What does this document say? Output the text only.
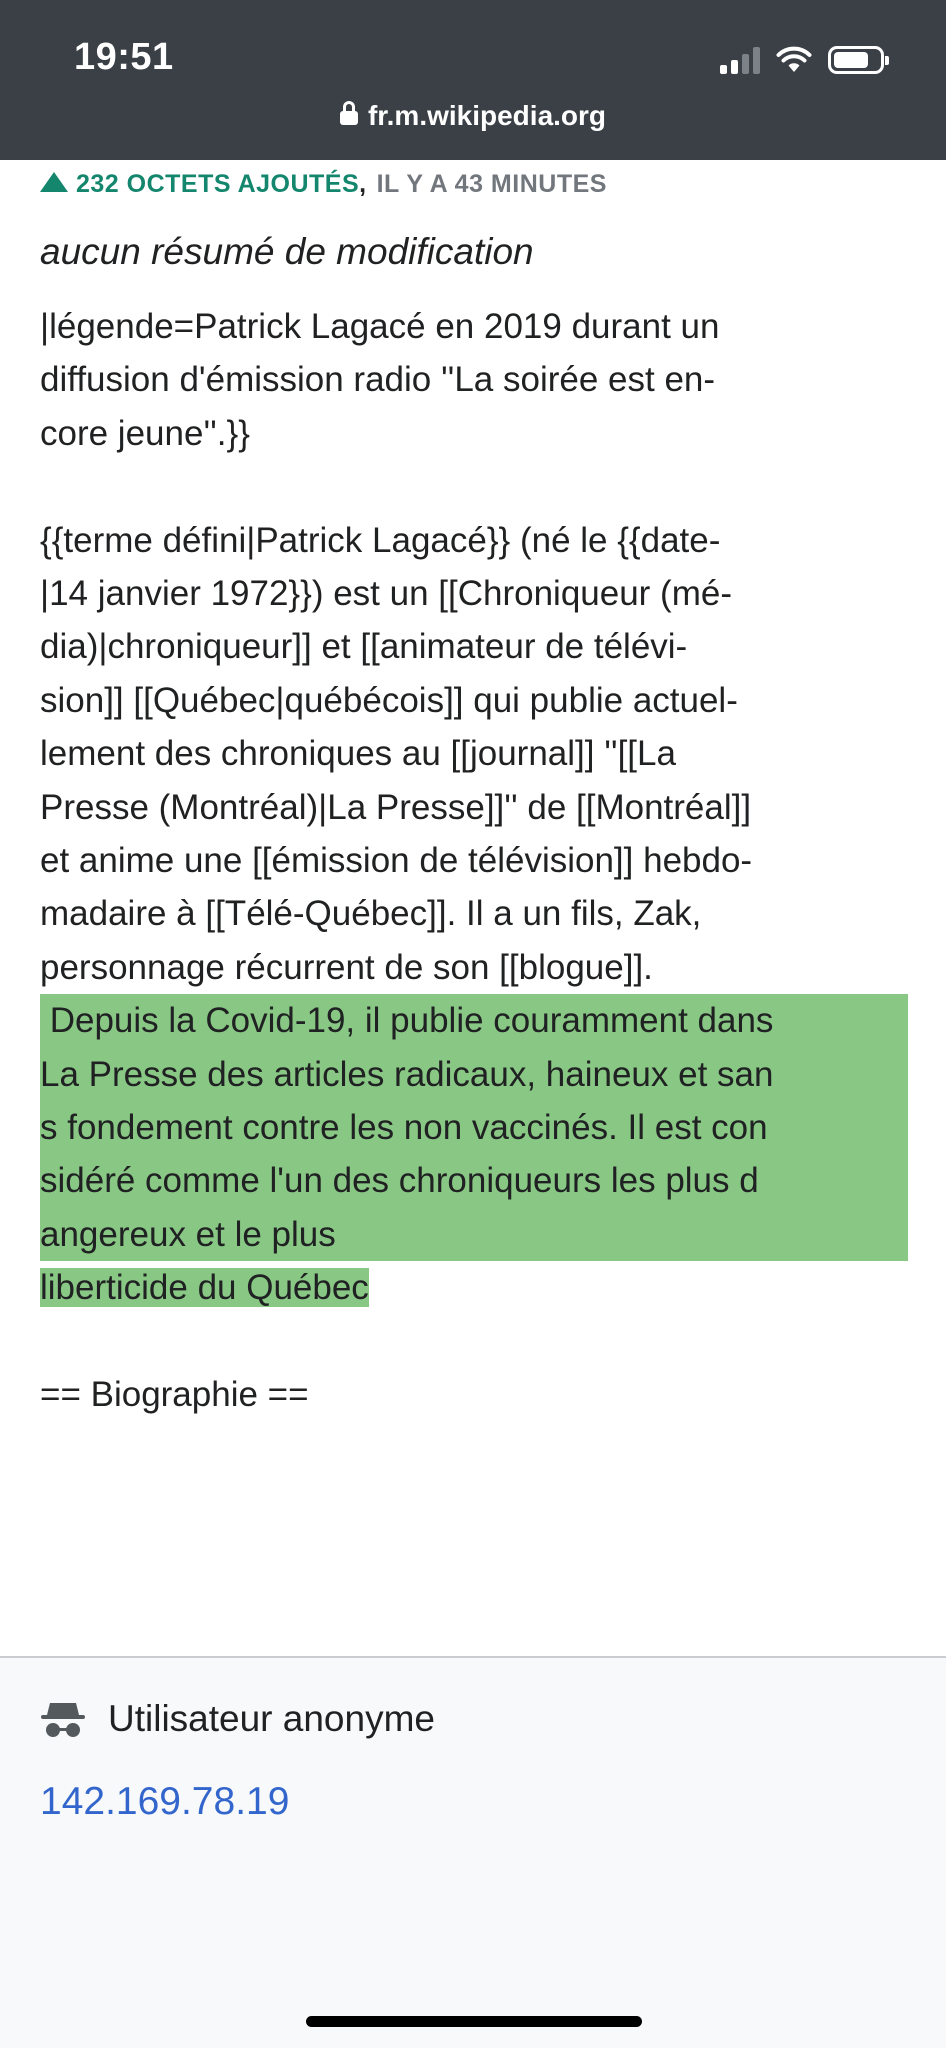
19:51
fr.m.wikipedia.org
232 OCTETS AJOUTÉS, IL Y A 43 MINUTES
aucun résumé de modification
|légende=Patrick Lagacé en 2019 durant un
diffusion d'émission radio ''La soirée est en-
core jeune''.}}
{{terme défini|Patrick Lagacé}} (né le {{date-
|14 janvier 1972}}) est un [[Chroniqueur (mé-
dia)|chroniqueur]] et [[animateur de télévi-
sion]] [[Québec|québécois]] qui publie actuel-
lement des chroniques au [[journal]] ''[[La
Presse (Montréal)|La Presse]]'' de [[Montréal]]
et anime une [[émission de télévision]] hebdo-
madaire à [[Télé-Québec]]. Il a un fils, Zak,
personnage récurrent de son [[blogue]].
Depuis la Covid-19, il publie couramment dans
La Presse des articles radicaux, haineux et san
s fondement contre les non vaccinés. Il est con
sidéré comme l'un des chroniqueurs les plus d
angereux et le plus
liberticide du Québec
== Biographie ==
Utilisateur anonyme
142.169.78.19
